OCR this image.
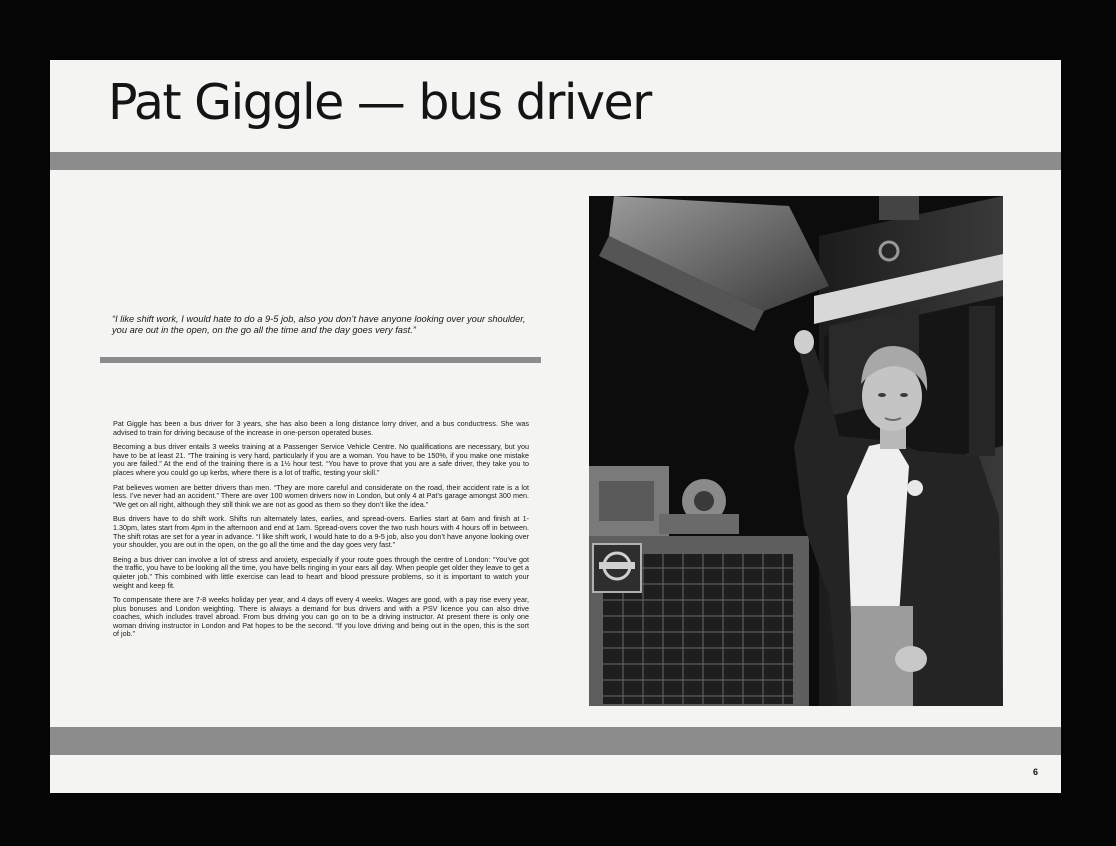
Pat Giggle — bus driver

“I like shift work, I would hate to do a 9-5 job, also you don’t have anyone looking over your shoulder, you are out in the open, on the go all the time and the day goes very fast.”

Pat Giggle has been a bus driver for 3 years, she has also been a long distance lorry driver, and a bus conductress. She was advised to train for driving because of the increase in one-person operated buses.

Becoming a bus driver entails 3 weeks training at a Passenger Service Vehicle Centre. No qualifications are necessary, but you have to be at least 21. “The training is very hard, particularly if you are a woman. You have to be 150%, if you make one mistake you are failed.” At the end of the training there is a 1½ hour test. “You have to prove that you are a safe driver, they take you to places where you could go up kerbs, where there is a lot of traffic, testing your skill.”

Pat believes women are better drivers than men. “They are more careful and considerate on the road, their accident rate is a lot less. I’ve never had an accident.” There are over 100 women drivers now in London, but only 4 at Pat’s garage amongst 300 men. “We get on all right, although they still think we are not as good as them so they don’t like the idea.”

Bus drivers have to do shift work. Shifts run alternately lates, earlies, and spread-overs. Earlies start at 6am and finish at 1-1.30pm, lates start from 4pm in the afternoon and end at 1am. Spread-overs cover the two rush hours with 4 hours off in between. The shift rotas are set for a year in advance. “I like shift work, I would hate to do a 9-5 job, also you don’t have anyone looking over your shoulder, you are out in the open, on the go all the time and the day goes very fast.”

Being a bus driver can involve a lot of stress and anxiety, especially if your route goes through the centre of London: “You’ve got the traffic, you have to be looking all the time, you have bells ringing in your ears all day. When people get older they leave to get a quieter job.” This combined with little exercise can lead to heart and blood pressure problems, so it is important to watch your weight and keep fit.

To compensate there are 7-8 weeks holiday per year, and 4 days off every 4 weeks. Wages are good, with a pay rise every year, plus bonuses and London weighting. There is always a demand for bus drivers and with a PSV licence you can also drive coaches, which includes travel abroad. From bus driving you can go on to be a driving instructor. At present there is only one woman driving instructor in London and Pat hopes to be the second. “If you love driving and being out in the open, this is the sort of job.”

6
